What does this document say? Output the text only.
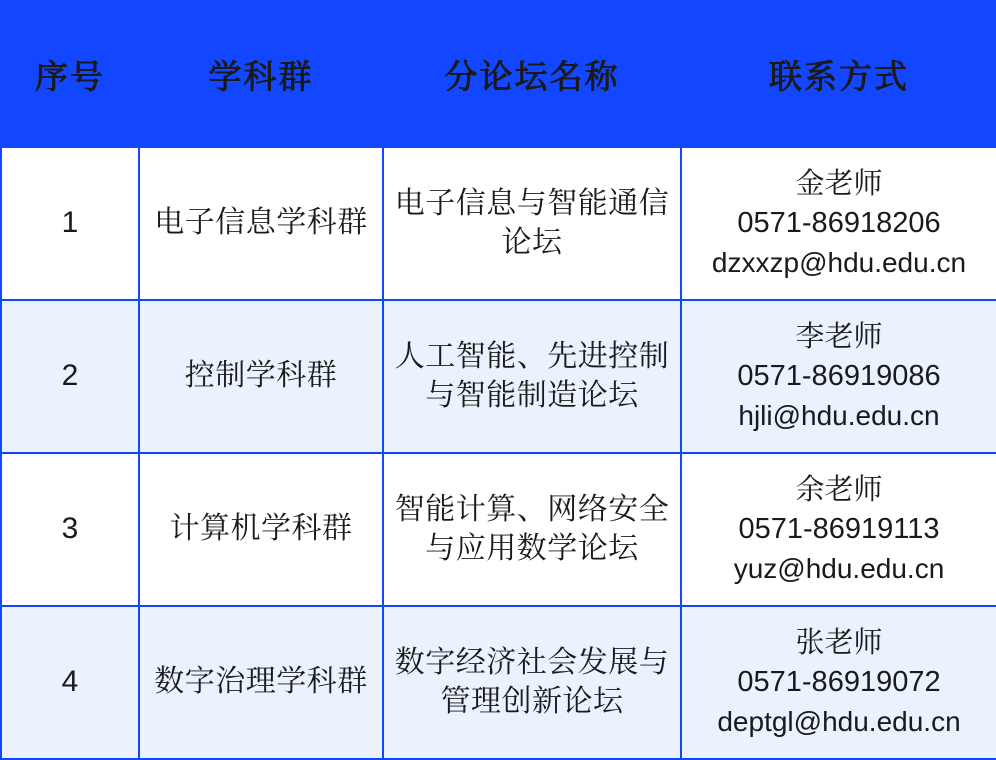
序号	学科群	分论坛名称	联系方式
1	电子信息学科群	电子信息与智能通信论坛	金老师
0571-86918206
dzxxzp@hdu.edu.cn

2	控制学科群	人工智能、先进控制与智能制造论坛	李老师
0571-86919086
hjli@hdu.edu.cn

3	计算机学科群	智能计算、网络安全与应用数学论坛	余老师
0571-86919113
yuz@hdu.edu.cn

4	数字治理学科群	数字经济社会发展与管理创新论坛	张老师
0571-86919072
deptgl@hdu.edu.cn
